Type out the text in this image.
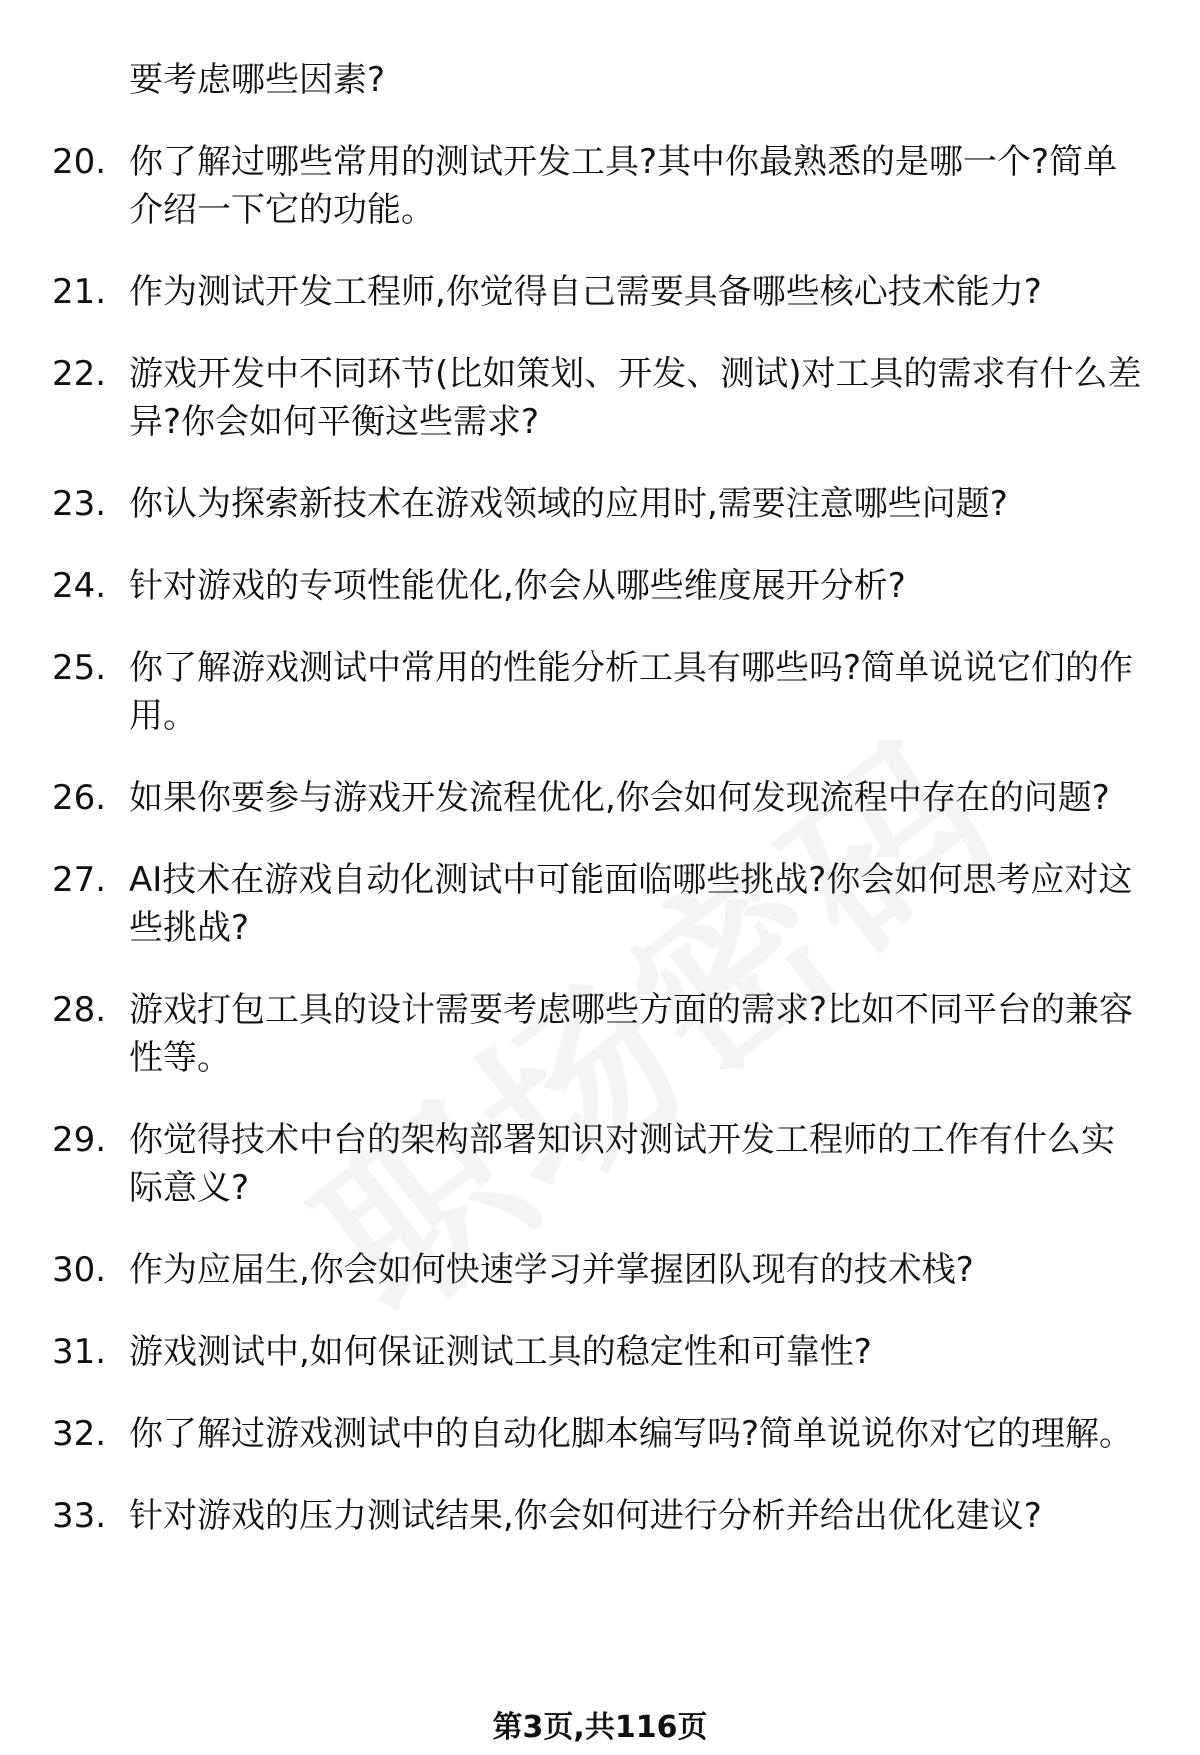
要考虑哪些因素?
20. 你了解过哪些常用的测试开发工具?其中你最熟悉的是哪一个?简单介绍一下它的功能。
21. 作为测试开发工程师,你觉得自己需要具备哪些核心技术能力?
22. 游戏开发中不同环节(比如策划、开发、测试)对工具的需求有什么差异?你会如何平衡这些需求?
23. 你认为探索新技术在游戏领域的应用时,需要注意哪些问题?
24. 针对游戏的专项性能优化,你会从哪些维度展开分析?
25. 你了解游戏测试中常用的性能分析工具有哪些吗?简单说说它们的作用。
26. 如果你要参与游戏开发流程优化,你会如何发现流程中存在的问题?
27. AI技术在游戏自动化测试中可能面临哪些挑战?你会如何思考应对这些挑战?
28. 游戏打包工具的设计需要考虑哪些方面的需求?比如不同平台的兼容性等。
29. 你觉得技术中台的架构部署知识对测试开发工程师的工作有什么实际意义?
30. 作为应届生,你会如何快速学习并掌握团队现有的技术栈?
31. 游戏测试中,如何保证测试工具的稳定性和可靠性?
32. 你了解过游戏测试中的自动化脚本编写吗?简单说说你对它的理解。
33. 针对游戏的压力测试结果,你会如何进行分析并给出优化建议?
第3页,共116页
